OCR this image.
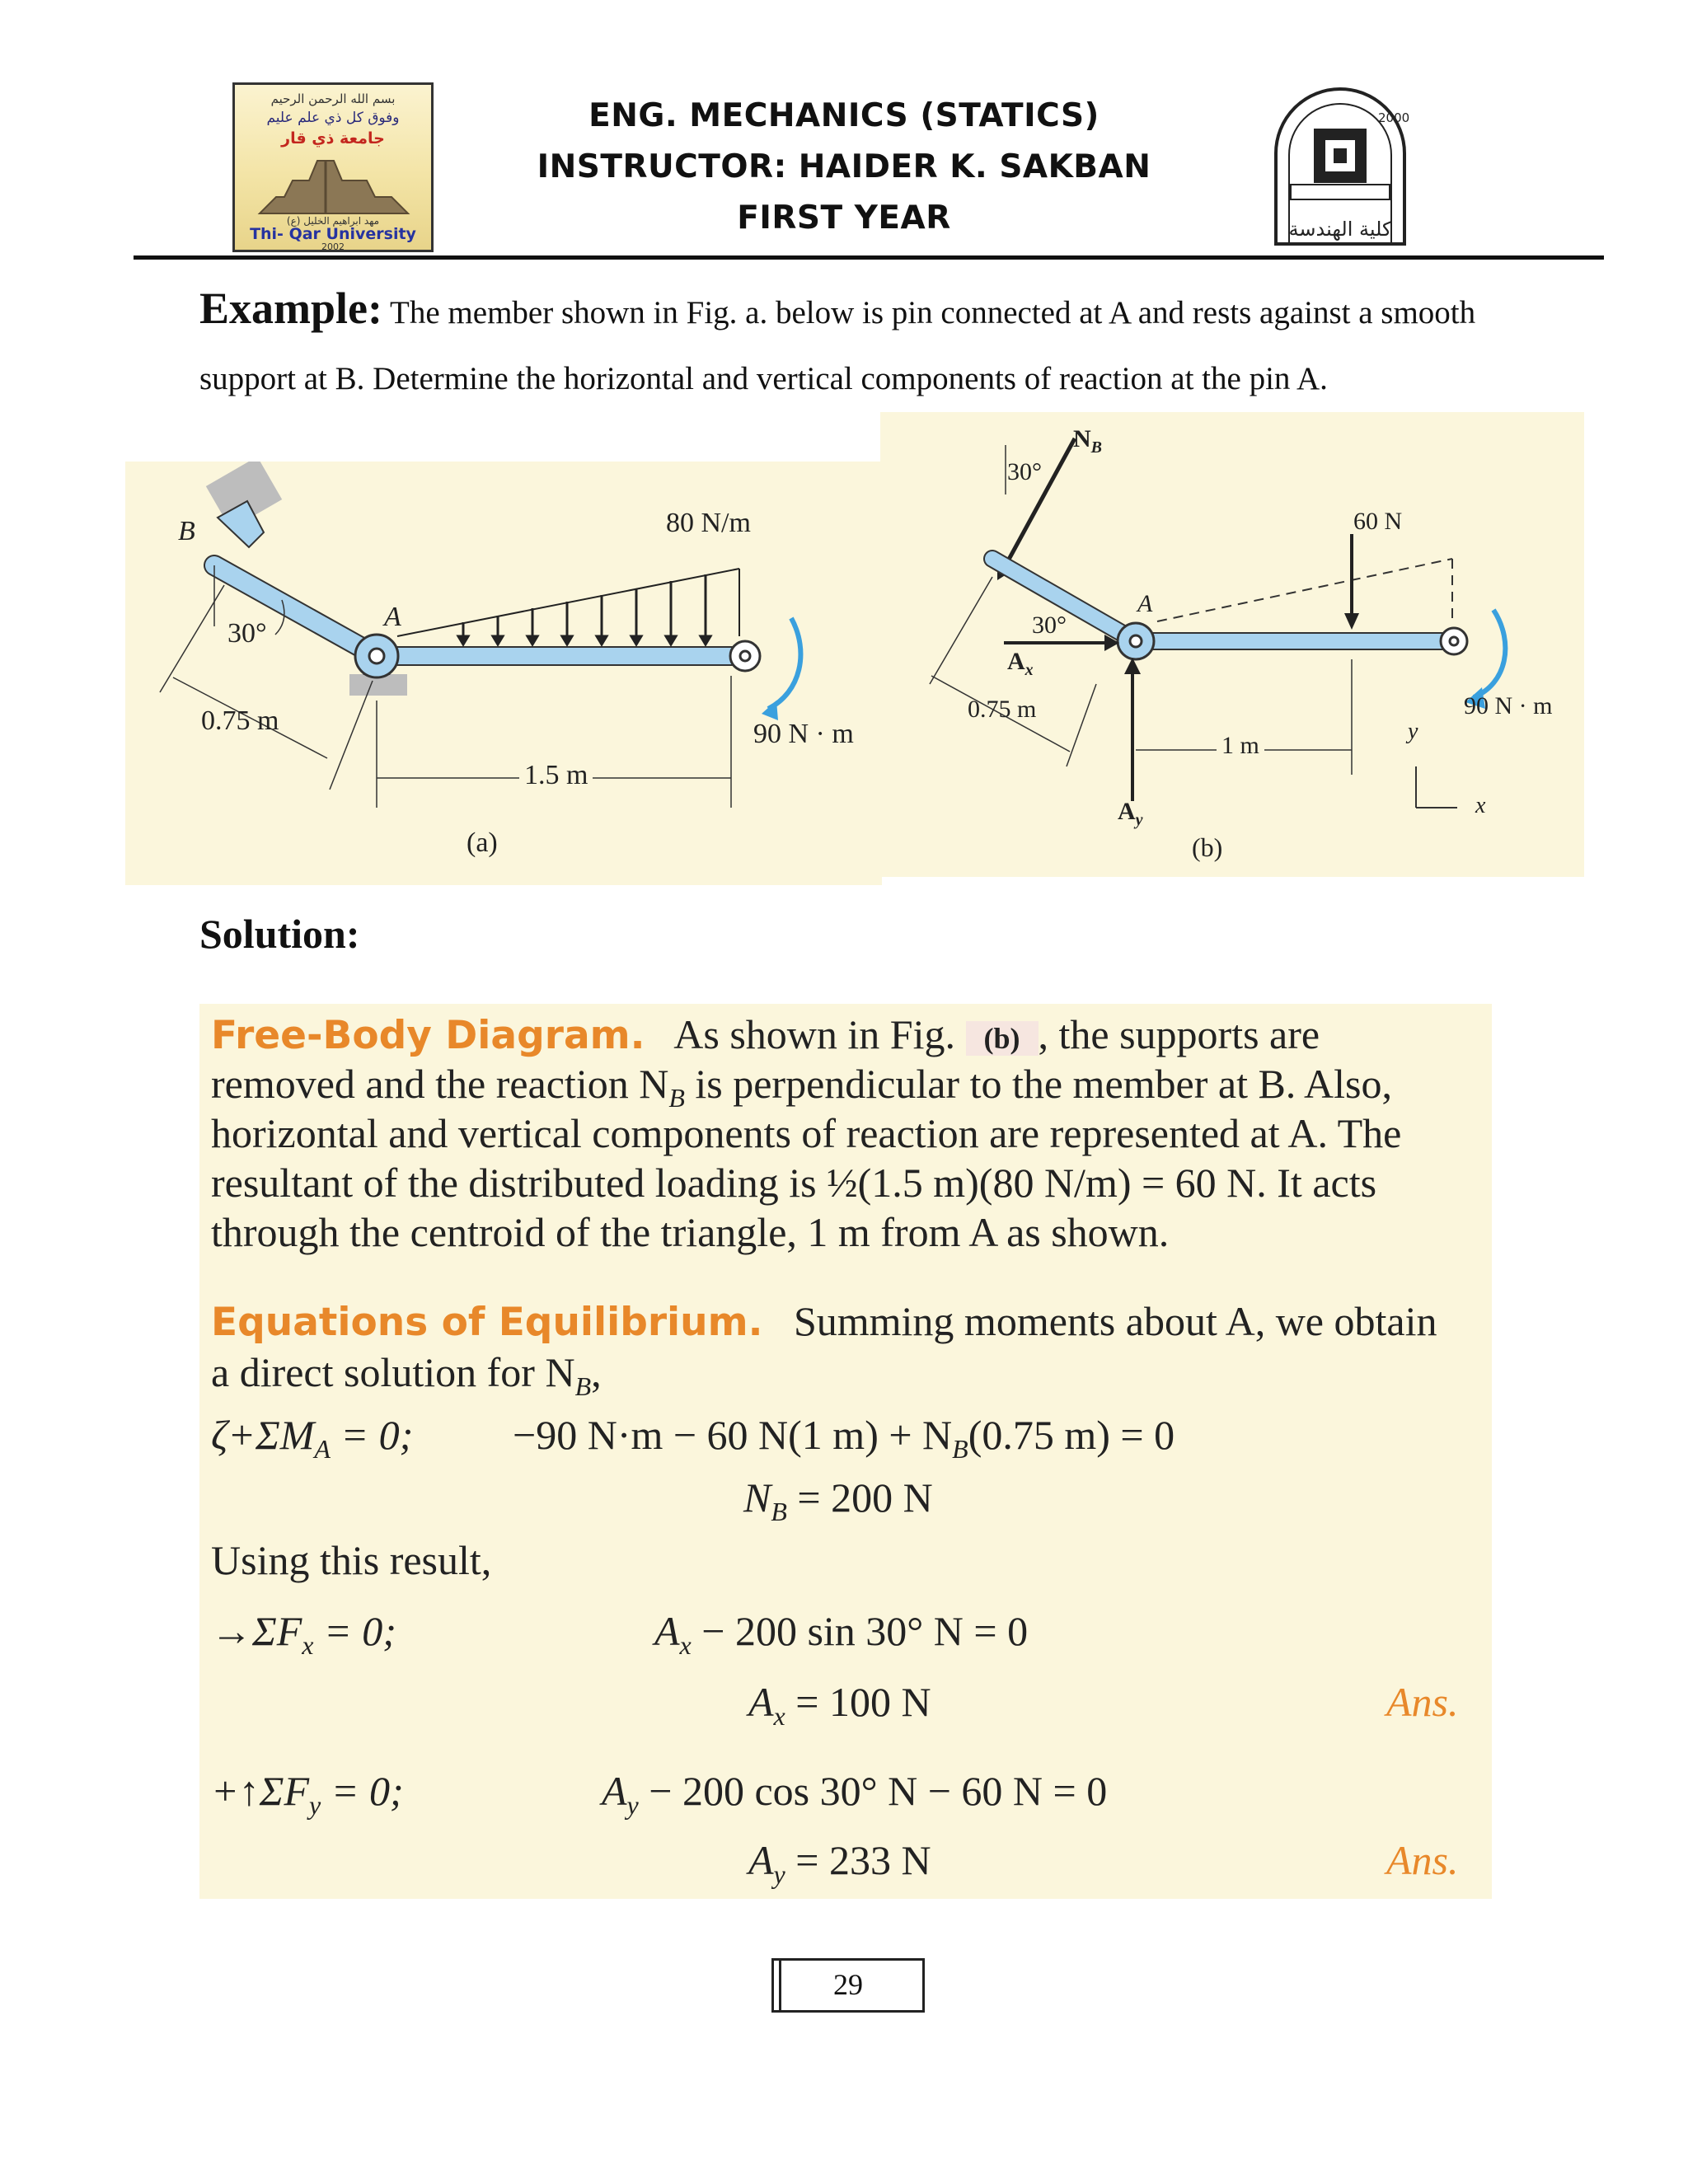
بسم الله الرحمن الرحيم
وفوق كل ذي علم عليم
جامعة ذي قار
مهد ابراهيم الخليل (ع)
Thi- Qar University
2002
ENG. MECHANICS (STATICS)
INSTRUCTOR: HAIDER K. SAKBAN
FIRST YEAR
2000
كلية الهندسة
Example: The member shown in Fig. a. below is pin connected at A and rests against a smooth
support at B. Determine the horizontal and vertical components of reaction at the pin A.
B
A
80 N/m
30°
0.75 m
1.5 m
90 N · m
(a)
$N_B$
30°
30°
A
$A_x$
$A_y$
60 N
0.75 m
1 m
90 N · m
y
x
(b)
Solution:
Free-Body Diagram. As shown in Fig. (b) , the supports are
removed and the reaction $N_B$ is perpendicular to the member at B. Also,
horizontal and vertical components of reaction are represented at A. The
resultant of the distributed loading is ½(1.5 m)(80 N/m) = 60 N. It acts
through the centroid of the triangle, 1 m from A as shown.
Equations of Equilibrium. Summing moments about A, we obtain
a direct solution for $N_B$,
$\zeta+\Sigma M_A = 0$; −90 N·m − 60 N(1 $m) + N_B(0.75$ m) = 0
$N_B = 200$ N
Using this result,
$\to\Sigma F_x = 0$;	$A_x - 200$ sin 30° N = 0
$A_x = 100$ N	Ans.
$+↑\Sigma F_y = 0$;	$A_y - 200$ cos 30° N − 60 N = 0
$A_y = 233$ N	Ans.
29
